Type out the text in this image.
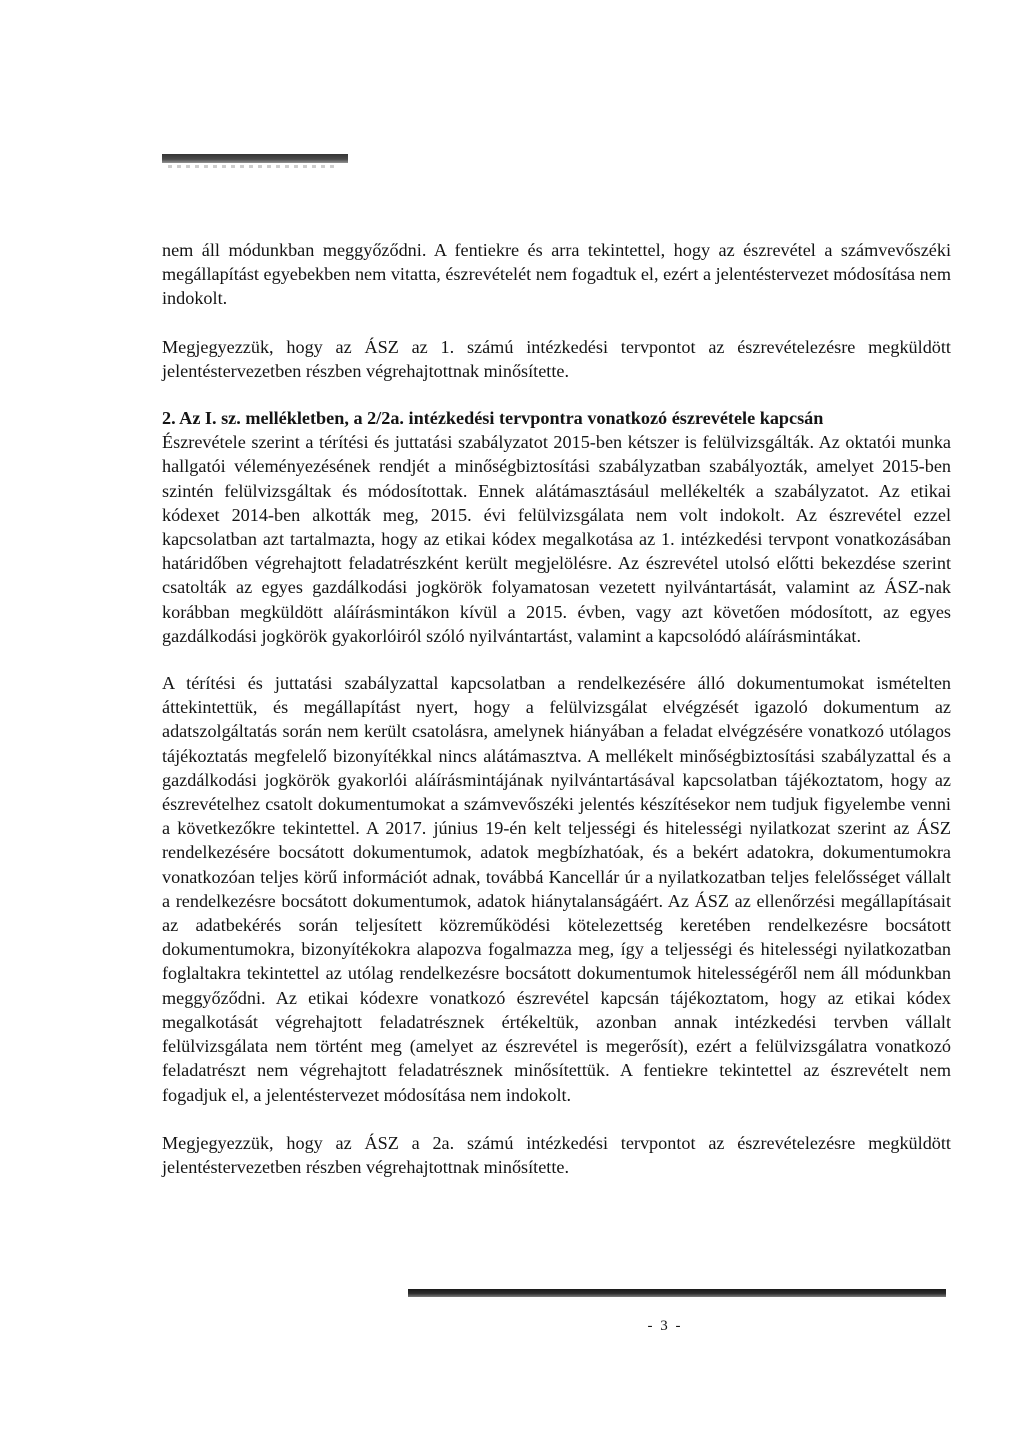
nem áll módunkban meggyőződni. A fentiekre és arra tekintettel, hogy az észrevétel a számvevőszéki megállapítást egyebekben nem vitatta, észrevételét nem fogadtuk el, ezért a jelentéstervezet módosítása nem indokolt.

Megjegyezzük, hogy az ÁSZ az 1. számú intézkedési tervpontot az észrevételezésre megküldött jelentéstervezetben részben végrehajtottnak minősítette.

2. Az I. sz. mellékletben, a 2/2a. intézkedési tervpontra vonatkozó észrevétele kapcsán

Észrevétele szerint a térítési és juttatási szabályzatot 2015-ben kétszer is felülvizsgálták. Az oktatói munka hallgatói véleményezésének rendjét a minőségbiztosítási szabályzatban szabályozták, amelyet 2015-ben szintén felülvizsgáltak és módosítottak. Ennek alátámasztásául mellékelték a szabályzatot. Az etikai kódexet 2014-ben alkották meg, 2015. évi felülvizsgálata nem volt indokolt. Az észrevétel ezzel kapcsolatban azt tartalmazta, hogy az etikai kódex megalkotása az 1. intézkedési tervpont vonatkozásában határidőben végrehajtott feladatrészként került megjelölésre. Az észrevétel utolsó előtti bekezdése szerint csatolták az egyes gazdálkodási jogkörök folyamatosan vezetett nyilvántartását, valamint az ÁSZ-nak korábban megküldött aláírásmintákon kívül a 2015. évben, vagy azt követően módosított, az egyes gazdálkodási jogkörök gyakorlóiról szóló nyilvántartást, valamint a kapcsolódó aláírásmintákat.

A térítési és juttatási szabályzattal kapcsolatban a rendelkezésére álló dokumentumokat ismételten áttekintettük, és megállapítást nyert, hogy a felülvizsgálat elvégzését igazoló dokumentum az adatszolgáltatás során nem került csatolásra, amelynek hiányában a feladat elvégzésére vonatkozó utólagos tájékoztatás megfelelő bizonyítékkal nincs alátámasztva. A mellékelt minőségbiztosítási szabályzattal és a gazdálkodási jogkörök gyakorlói aláírásmintájának nyilvántartásával kapcsolatban tájékoztatom, hogy az észrevételhez csatolt dokumentumokat a számvevőszéki jelentés készítésekor nem tudjuk figyelembe venni a következőkre tekintettel. A 2017. június 19-én kelt teljességi és hitelességi nyilatkozat szerint az ÁSZ rendelkezésére bocsátott dokumentumok, adatok megbízhatóak, és a bekért adatokra, dokumentumokra vonatkozóan teljes körű információt adnak, továbbá Kancellár úr a nyilatkozatban teljes felelősséget vállalt a rendelkezésre bocsátott dokumentumok, adatok hiánytalanságáért. Az ÁSZ az ellenőrzési megállapításait az adatbekérés során teljesített közreműködési kötelezettség keretében rendelkezésre bocsátott dokumentumokra, bizonyítékokra alapozva fogalmazza meg, így a teljességi és hitelességi nyilatkozatban foglaltakra tekintettel az utólag rendelkezésre bocsátott dokumentumok hitelességéről nem áll módunkban meggyőződni. Az etikai kódexre vonatkozó észrevétel kapcsán tájékoztatom, hogy az etikai kódex megalkotását végrehajtott feladatrésznek értékeltük, azonban annak intézkedési tervben vállalt felülvizsgálata nem történt meg (amelyet az észrevétel is megerősít), ezért a felülvizsgálatra vonatkozó feladatrészt nem végrehajtott feladatrésznek minősítettük. A fentiekre tekintettel az észrevételt nem fogadjuk el, a jelentéstervezet módosítása nem indokolt.

Megjegyezzük, hogy az ÁSZ a 2a. számú intézkedési tervpontot az észrevételezésre megküldött jelentéstervezetben részben végrehajtottnak minősítette.

- 3 -
